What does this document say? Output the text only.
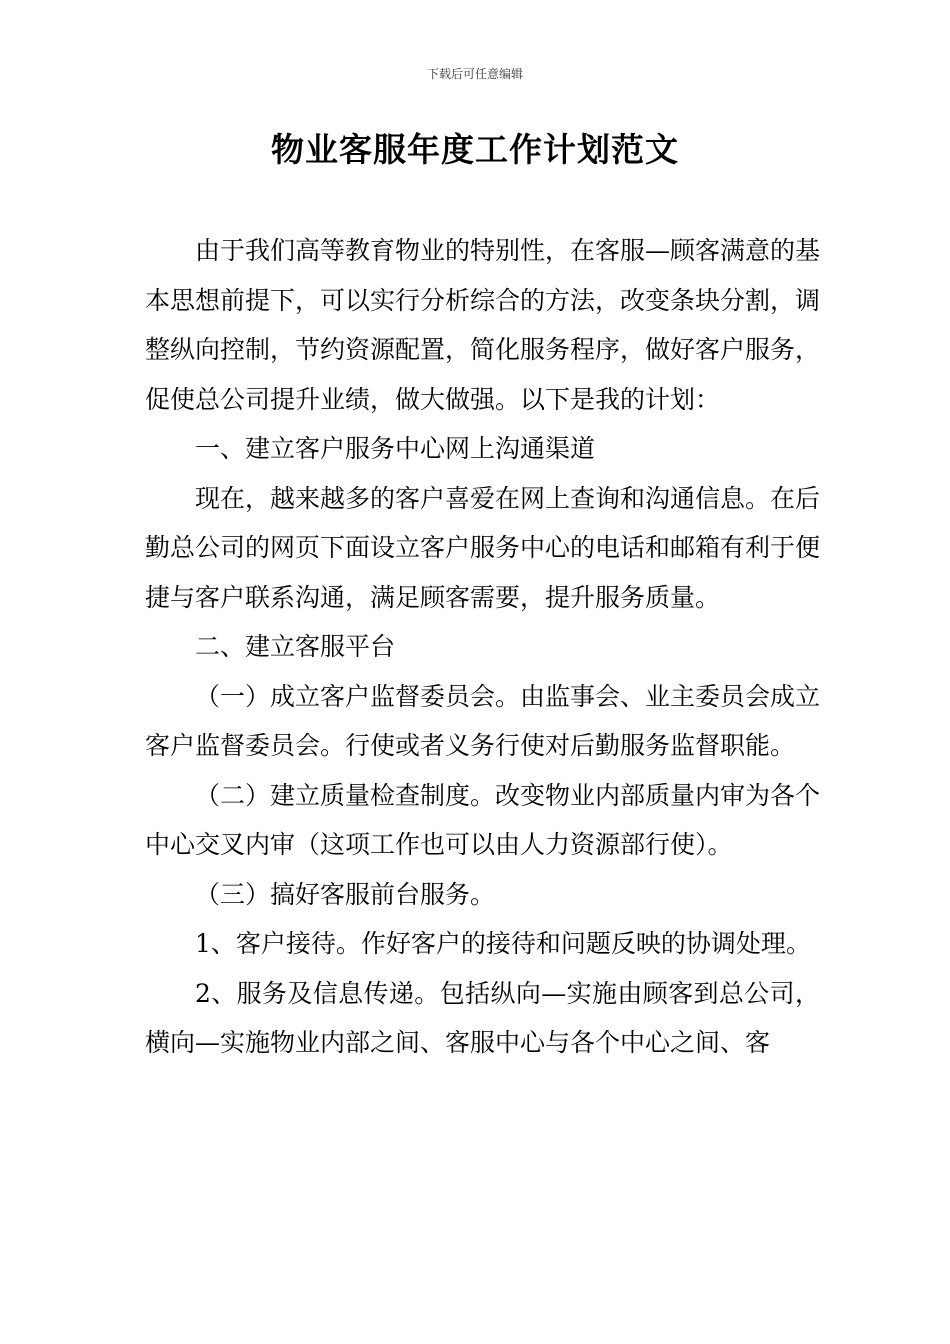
下载后可任意编辑
物业客服年度工作计划范文

由于我们高等教育物业的特别性，在客服—顾客满意的基本思想前提下，可以实行分析综合的方法，改变条块分割，调整纵向控制，节约资源配置，简化服务程序，做好客户服务，促使总公司提升业绩，做大做强。以下是我的计划：

一、建立客户服务中心网上沟通渠道

现在，越来越多的客户喜爱在网上查询和沟通信息。在后勤总公司的网页下面设立客户服务中心的电话和邮箱有利于便捷与客户联系沟通，满足顾客需要，提升服务质量。

二、建立客服平台

（一）成立客户监督委员会。由监事会、业主委员会成立客户监督委员会。行使或者义务行使对后勤服务监督职能。

（二）建立质量检查制度。改变物业内部质量内审为各个中心交叉内审（这项工作也可以由人力资源部行使）。

（三）搞好客服前台服务。

1、客户接待。作好客户的接待和问题反映的协调处理。

2、服务及信息传递。包括纵向—实施由顾客到总公司，横向—实施物业内部之间、客服中心与各个中心之间、客
